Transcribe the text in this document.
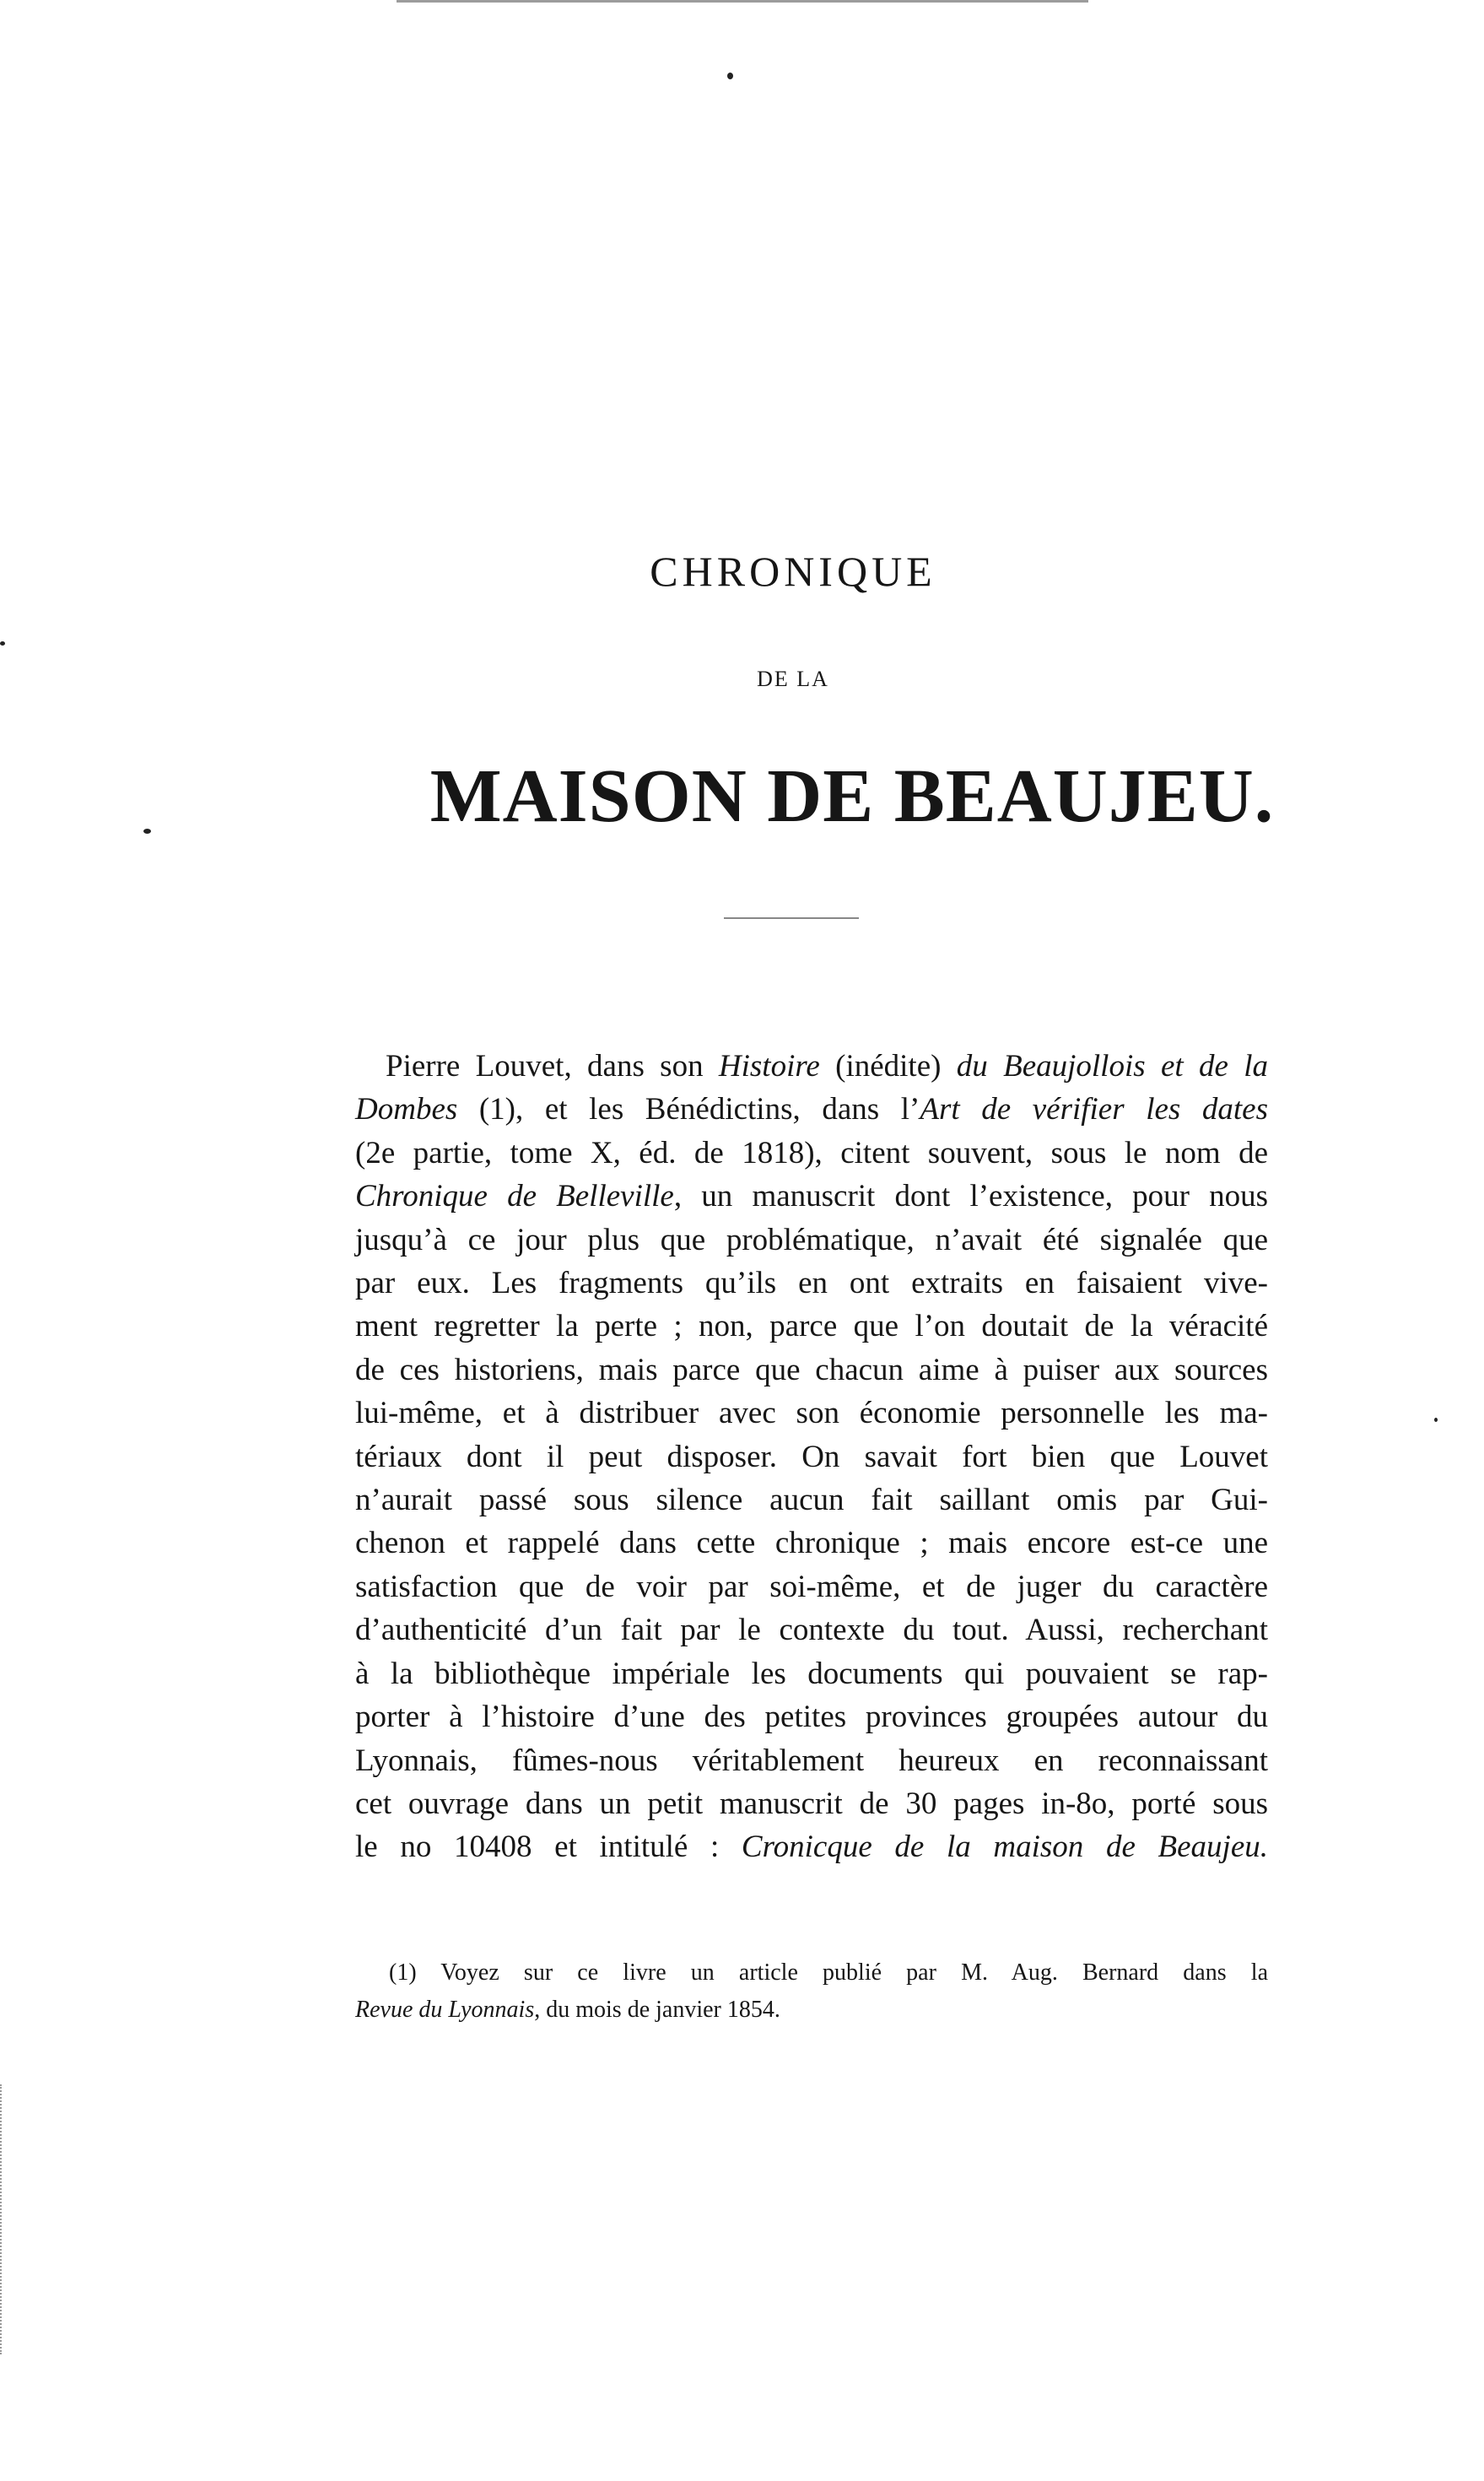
CHRONIQUE
DE LA
MAISON DE BEAUJEU.
Pierre Louvet, dans son Histoire (inédite) du Beaujollois et de la
Dombes (1), et les Bénédictins, dans l’Art de vérifier les dates
(2e partie, tome X, éd. de 1818), citent souvent, sous le nom de
Chronique de Belleville, un manuscrit dont l’existence, pour nous
jusqu’à ce jour plus que problématique, n’avait été signalée que
par eux. Les fragments qu’ils en ont extraits en faisaient vive-
ment regretter la perte ; non, parce que l’on doutait de la véracité
de ces historiens, mais parce que chacun aime à puiser aux sources
lui-même, et à distribuer avec son économie personnelle les ma-
tériaux dont il peut disposer. On savait fort bien que Louvet
n’aurait passé sous silence aucun fait saillant omis par Gui-
chenon et rappelé dans cette chronique ; mais encore est-ce une
satisfaction que de voir par soi-même, et de juger du caractère
d’authenticité d’un fait par le contexte du tout. Aussi, recherchant
à la bibliothèque impériale les documents qui pouvaient se rap-
porter à l’histoire d’une des petites provinces groupées autour du
Lyonnais, fûmes-nous véritablement heureux en reconnaissant
cet ouvrage dans un petit manuscrit de 30 pages in-8o, porté sous
le no 10408 et intitulé : Cronicque de la maison de Beaujeu.
(1) Voyez sur ce livre un article publié par M. Aug. Bernard dans la
Revue du Lyonnais, du mois de janvier 1854.
